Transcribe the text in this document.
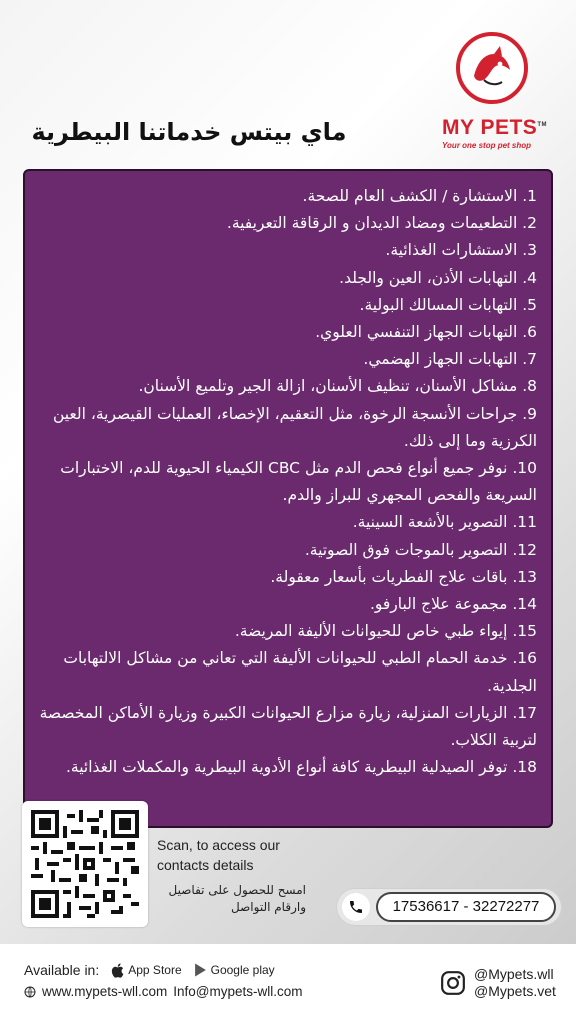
MY PETS™
Your one stop pet shop
ماي بيتس خدماتنا البيطرية
1. الاستشارة / الكشف العام للصحة.
2. التطعيمات ومضاد الديدان و الرقاقة التعريفية.
3. الاستشارات الغذائية.
4. التهابات الأذن، العين والجلد.
5. التهابات المسالك البولية.
6. التهابات الجهاز التنفسي العلوي.
7. التهابات الجهاز الهضمي.
8. مشاكل الأسنان، تنظيف الأسنان، ازالة الجير وتلميع الأسنان.
9. جراحات الأنسجة الرخوة، مثل التعقيم، الإخصاء، العمليات القيصرية، العين الكرزية وما إلى ذلك.
10. نوفر جميع أنواع فحص الدم مثل CBC الكيمياء الحيوية للدم، الاختبارات السريعة والفحص المجهري للبراز والدم.
11. التصوير بالأشعة السينية.
12. التصوير بالموجات فوق الصوتية.
13. باقات علاج الفطريات بأسعار معقولة.
14. مجموعة علاج البارفو.
15. إيواء طبي خاص للحيوانات الأليفة المريضة.
16. خدمة الحمام الطبي للحيوانات الأليفة التي تعاني من مشاكل الالتهابات الجلدية.
17. الزيارات المنزلية، زيارة مزارع الحيوانات الكبيرة وزيارة الأماكن المخصصة لتربية الكلاب.
18. توفر الصيدلية البيطرية كافة أنواع الأدوية البيطرية والمكملات الغذائية.
Scan, to access our contacts details
امسح للحصول على تفاصيل وارقام التواصل	17536617 - 32272277
Available in: App Store Google play
www.mypets-wll.com Info@mypets-wll.com
@Mypets.wll
@Mypets.vet
